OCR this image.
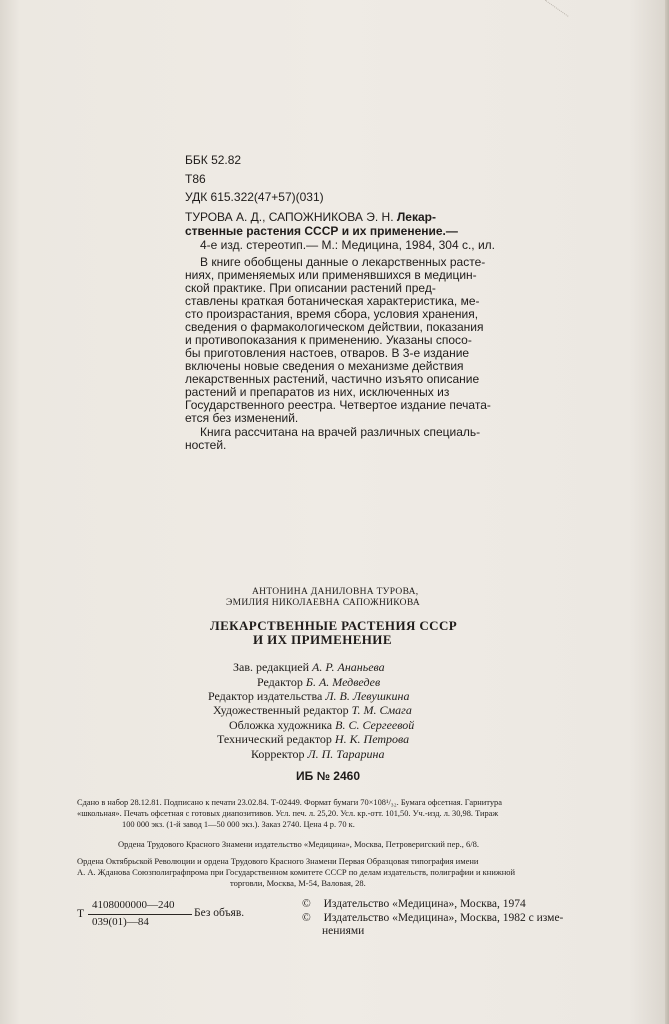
ББК 52.82
Т86
УДК 615.322(47+57)(031)
ТУРОВА А. Д., САПОЖНИКОВА Э. Н. Лекар-
ственные растения СССР и их применение.—
4-е изд. стереотип.— М.: Медицина, 1984, 304 с., ил.
В книге обобщены данные о лекарственных расте-
ниях, применяемых или применявшихся в медицин-
ской практике. При описании растений пред-
ставлены краткая ботаническая характеристика, ме-
сто произрастания, время сбора, условия хранения,
сведения о фармакологическом действии, показания
и противопоказания к применению. Указаны спосо-
бы приготовления настоев, отваров. В 3-е издание
включены новые сведения о механизме действия
лекарственных растений, частично изъято описание
растений и препаратов из них, исключенных из
Государственного реестра. Четвертое издание печата-
ется без изменений.
Книга рассчитана на врачей различных специаль-
ностей.
АНТОНИНА ДАНИЛОВНА ТУРОВА,
ЭМИЛИЯ НИКОЛАЕВНА САПОЖНИКОВА
ЛЕКАРСТВЕННЫЕ РАСТЕНИЯ СССР
И ИХ ПРИМЕНЕНИЕ
Зав. редакцией А. Р. Ананьева
Редактор Б. А. Медведев
Редактор издательства Л. В. Левушкина
Художественный редактор Т. М. Смага
Обложка художника В. С. Сергеевой
Технический редактор Н. К. Петрова
Корректор Л. П. Тарарина
ИБ № 2460
Сдано в набор 28.12.81. Подписано к печати 23.02.84. Т-02449. Формат бумаги 70×108¹/₃₂. Бумага офсетная. Гарнитура
«школьная». Печать офсетная с готовых диапозитивов. Усл. печ. л. 25,20. Усл. кр.-отт. 101,50. Уч.-изд. л. 30,98. Тираж
100 000 экз. (1-й завод 1—50 000 экз.). Заказ 2740. Цена 4 р. 70 к.
Ордена Трудового Красного Знамени издательство «Медицина», Москва, Петроверигский пер., 6/8.
Ордена Октябрьской Революции и ордена Трудового Красного Знамени Первая Образцовая типография имени
А. А. Жданова Союзполиграфпрома при Государственном комитете СССР по делам издательств, полиграфии и книжной
торговли, Москва, М-54, Валовая, 28.
Т
4108000000—240
039(01)—84
Без объяв.
© Издательство «Медицина», Москва, 1974
© Издательство «Медицина», Москва, 1982 с изме-
нениями
